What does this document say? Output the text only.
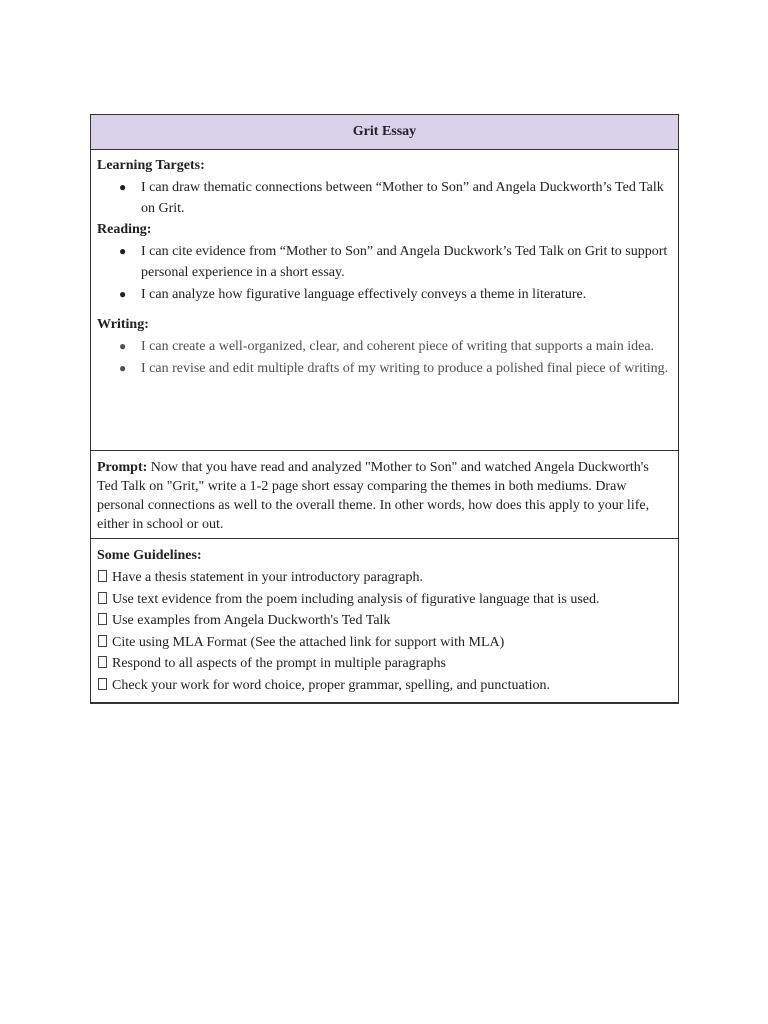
Grit Essay
Learning Targets:
● I can draw thematic connections between “Mother to Son” and Angela Duckworth’s Ted Talk on Grit.
Reading:
● I can cite evidence from “Mother to Son” and Angela Duckwork’s Ted Talk on Grit to support personal experience in a short essay.
● I can analyze how figurative language effectively conveys a theme in literature.
Writing:
● I can create a well-organized, clear, and coherent piece of writing that supports a main idea.
● I can revise and edit multiple drafts of my writing to produce a polished final piece of writing.
Prompt: Now that you have read and analyzed "Mother to Son" and watched Angela Duckworth's Ted Talk on "Grit," write a 1-2 page short essay comparing the themes in both mediums. Draw personal connections as well to the overall theme. In other words, how does this apply to your life, either in school or out.
Some Guidelines:
Have a thesis statement in your introductory paragraph.
Use text evidence from the poem including analysis of figurative language that is used.
Use examples from Angela Duckworth's Ted Talk
Cite using MLA Format (See the attached link for support with MLA)
Respond to all aspects of the prompt in multiple paragraphs
Check your work for word choice, proper grammar, spelling, and punctuation.
